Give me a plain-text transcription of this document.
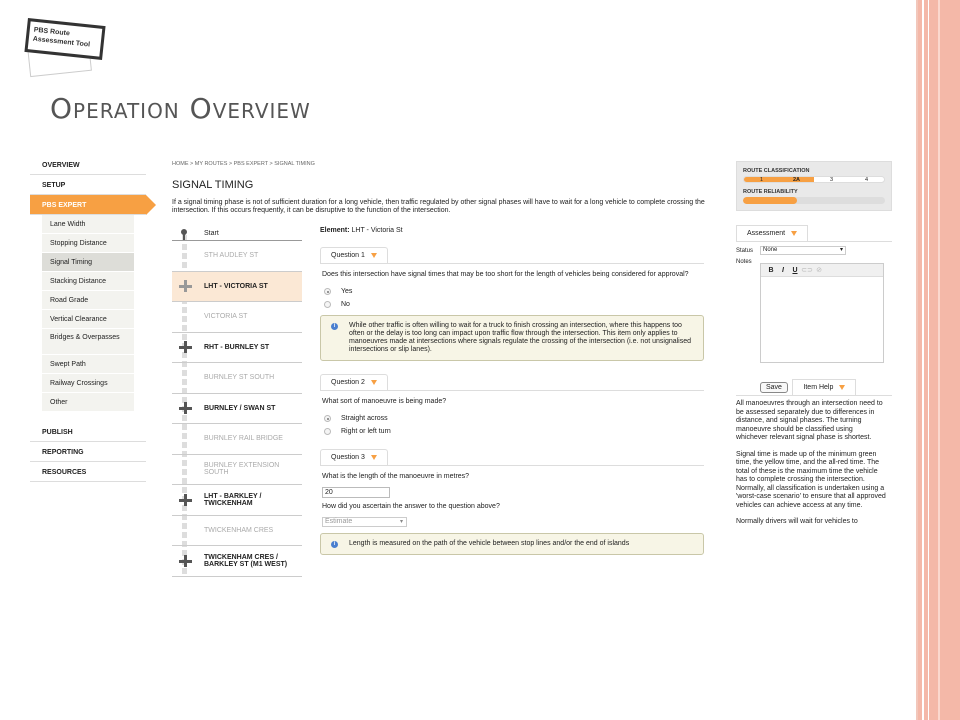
PBS Route
Assessment Tool
Operation Overview
OVERVIEW
SETUP
PBS EXPERT
Lane Width
Stopping Distance
Signal Timing
Stacking Distance
Road Grade
Vertical Clearance
Bridges & Overpasses
Swept Path
Railway Crossings
Other
PUBLISH
REPORTING
RESOURCES
HOME > MY ROUTES > PBS EXPERT > SIGNAL TIMING
SIGNAL TIMING
If a signal timing phase is not of sufficient duration for a long vehicle, then traffic regulated by other signal phases will have to wait for a long vehicle to complete crossing the intersection. If this occurs frequently, it can be disruptive to the function of the intersection.
Start
STH AUDLEY ST
LHT - VICTORIA ST
VICTORIA ST
RHT - BURNLEY ST
BURNLEY ST SOUTH
BURNLEY / SWAN ST
BURNLEY RAIL BRIDGE
BURNLEY EXTENSION SOUTH
LHT - BARKLEY / TWICKENHAM
TWICKENHAM CRES
TWICKENHAM CRES / BARKLEY ST (M1 WEST)
Element: LHT - Victoria St
Question 1
Does this intersection have signal times that may be too short for the length of vehicles being considered for approval?
Yes
No
i	While other traffic is often willing to wait for a truck to finish crossing an intersection, where this happens too often or the delay is too long can impact upon traffic flow through the intersection. This item only applies to manoeuvres made at intersections where signals regulate the crossing of the intersection (i.e. not unsignalised intersections or slip lanes).
Question 2
What sort of manoeuvre is being made?
Straight across
Right or left turn
Question 3
What is the length of the manoeuvre in metres?
20
How did you ascertain the answer to the question above?
Estimate ▾
i	Length is measured on the path of the vehicle between stop lines and/or the end of islands
ROUTE CLASSIFICATION
1	2A	3	4
ROUTE RELIABILITY
Assessment
Status	None ▾
Notes
B	I	U ⊂⊃ ⊘
Save	Item Help

All manoeuvres through an intersection need to be assessed separately due to differences in distance, and signal phases. The turning manoeuvre should be classified using whichever relevant signal phase is shortest.

Signal time is made up of the minimum green time, the yellow time, and the all-red time. The total of these is the maximum time the vehicle has to complete crossing the intersection. Normally, all classification is undertaken using a 'worst-case scenario' to ensure that all approved vehicles can achieve access at any time.

Normally drivers will wait for vehicles to
